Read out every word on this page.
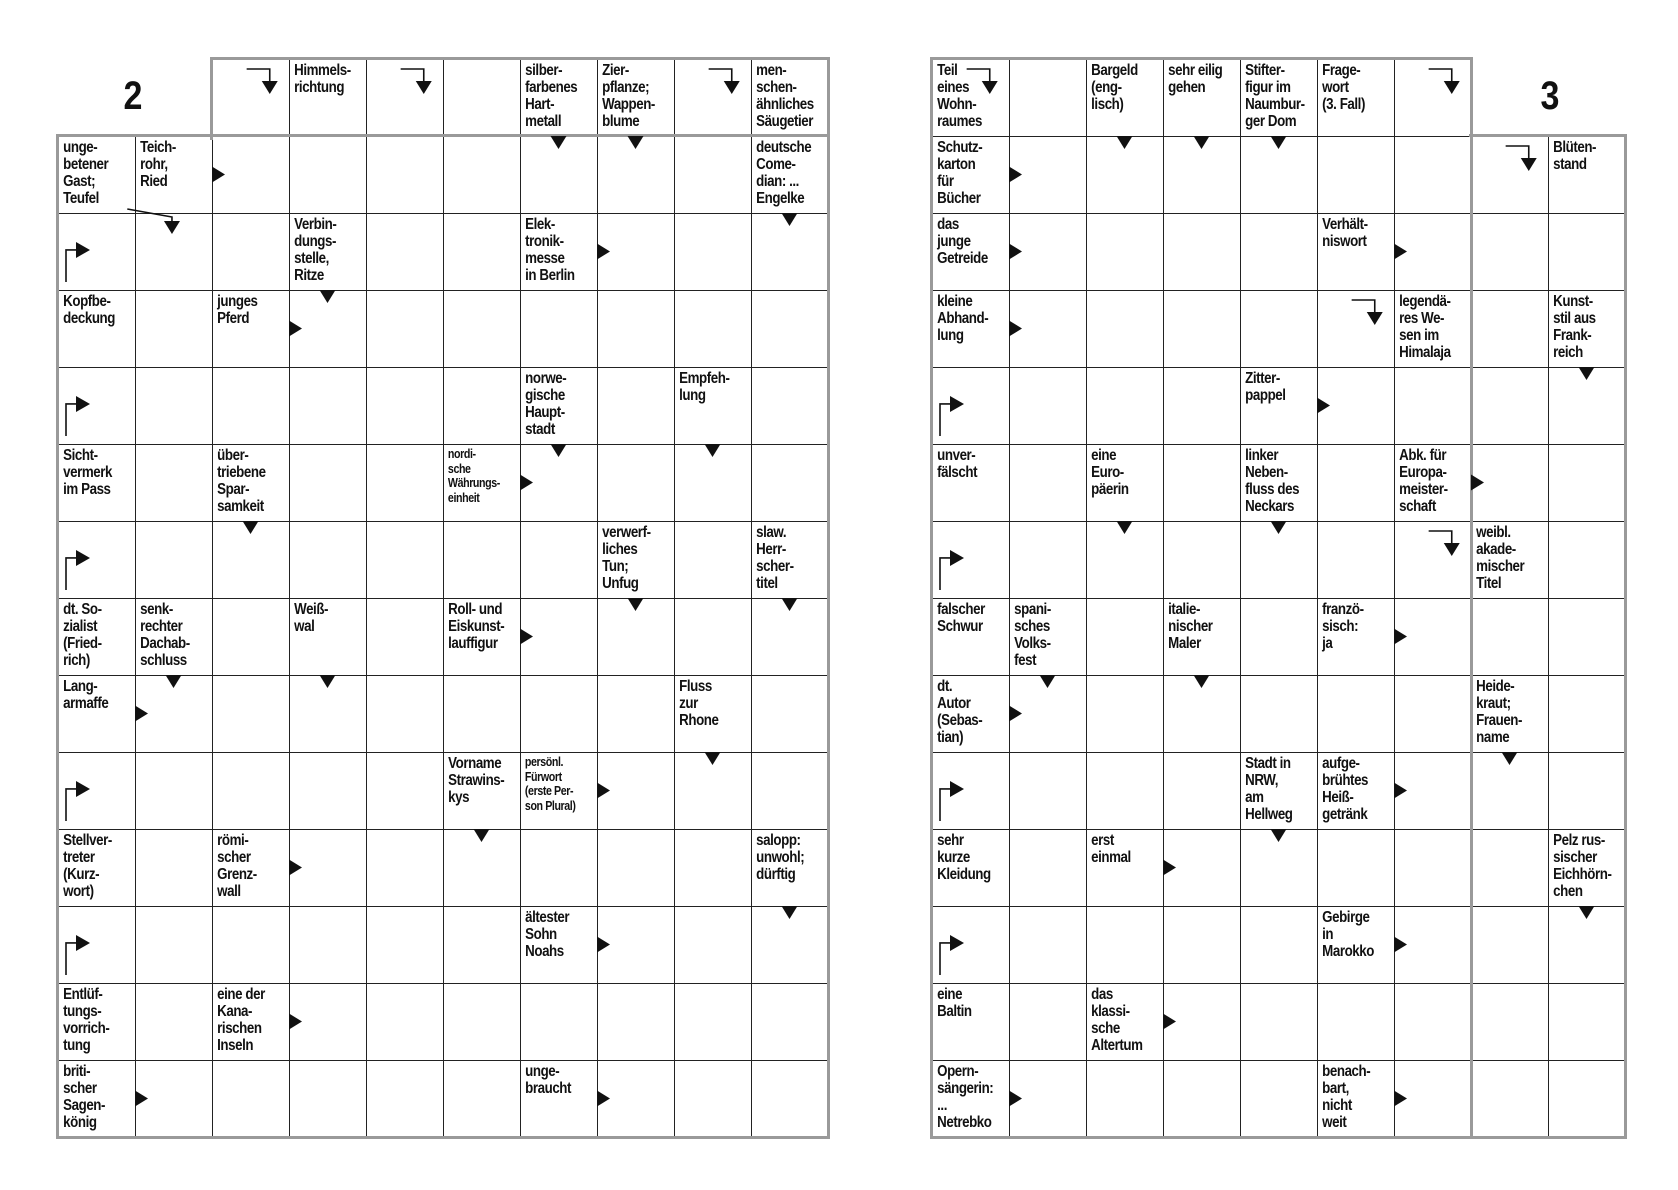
Himmels-
richtung
silber-
farbenes
Hart-
metall
Zier-
pflanze;
Wappen-
blume
men-
schen-
ähnliches
Säugetier
unge-
betener
Gast;
Teufel
Teich-
rohr,
Ried
deutsche
Come-
dian: ...
Engelke
Verbin-
dungs-
stelle,
Ritze
Elek-
tronik-
messe
in Berlin
Kopfbe-
deckung
junges
Pferd
norwe-
gische
Haupt-
stadt
Empfeh-
lung
Sicht-
vermerk
im Pass
über-
triebene
Spar-
samkeit
nordi-
sche
Währungs-
einheit
verwerf-
liches
Tun;
Unfug
slaw.
Herr-
scher-
titel
dt. So-
zialist
(Fried-
rich)
senk-
rechter
Dachab-
schluss
Weiß-
wal
Roll- und
Eiskunst-
lauffigur
Lang-
armaffe
Fluss
zur
Rhone
Vorname
Strawins-
kys
persönl.
Fürwort
(erste Per-
son Plural)
Stellver-
treter
(Kurz-
wort)
römi-
scher
Grenz-
wall
salopp:
unwohl;
dürftig
ältester
Sohn
Noahs
Entlüf-
tungs-
vorrich-
tung
eine der
Kana-
rischen
Inseln
briti-
scher
Sagen-
könig
unge-
braucht
Teil
eines
Wohn-
raumes
Bargeld
(eng-
lisch)
sehr eilig
gehen
Stifter-
figur im
Naumbur-
ger Dom
Frage-
wort
(3. Fall)
Schutz-
karton
für
Bücher
Blüten-
stand
das
junge
Getreide
Verhält-
niswort
kleine
Abhand-
lung
legendä-
res We-
sen im
Himalaja
Kunst-
stil aus
Frank-
reich
Zitter-
pappel
unver-
fälscht
eine
Euro-
päerin
linker
Neben-
fluss des
Neckars
Abk. für
Europa-
meister-
schaft
weibl.
akade-
mischer
Titel
falscher
Schwur
spani-
sches
Volks-
fest
italie-
nischer
Maler
franzö-
sisch:
ja
dt.
Autor
(Sebas-
tian)
Heide-
kraut;
Frauen-
name
Stadt in
NRW,
am
Hellweg
aufge-
brühtes
Heiß-
getränk
sehr
kurze
Kleidung
erst
einmal
Pelz rus-
sischer
Eichhörn-
chen
Gebirge
in
Marokko
eine
Baltin
das
klassi-
sche
Altertum
Opern-
sängerin:
...
Netrebko
benach-
bart,
nicht
weit
2	3
